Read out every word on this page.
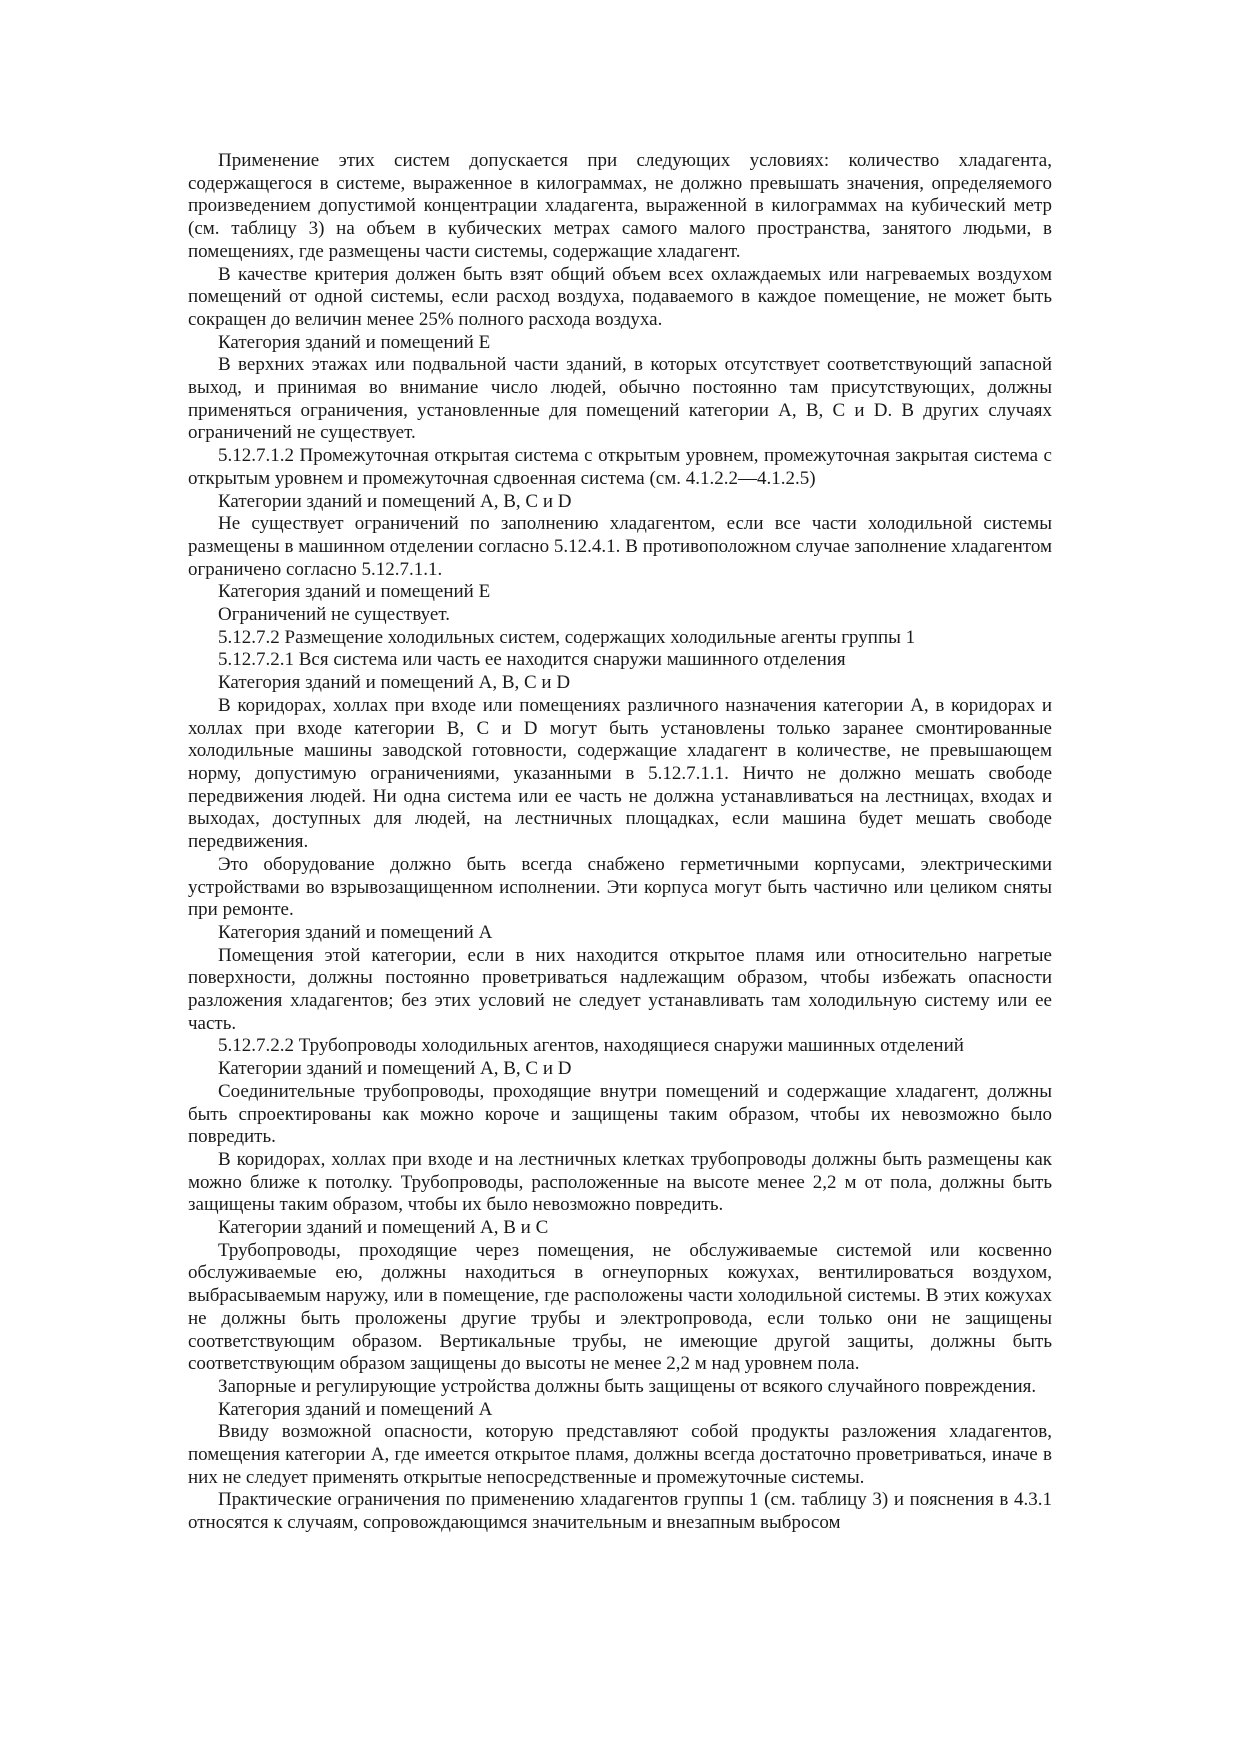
Применение этих систем допускается при следующих условиях: количество хладагента, содержащегося в системе, выраженное в килограммах, не должно превышать значения, определяемого произведением допустимой концентрации хладагента, выраженной в килограммах на кубический метр (см. таблицу 3) на объем в кубических метрах самого малого пространства, занятого людьми, в помещениях, где размещены части системы, содержащие хладагент.

В качестве критерия должен быть взят общий объем всех охлаждаемых или нагреваемых воздухом помещений от одной системы, если расход воздуха, подаваемого в каждое помещение, не может быть сокращен до величин менее 25% полного расхода воздуха.

Категория зданий и помещений Е

В верхних этажах или подвальной части зданий, в которых отсутствует соответствующий запасной выход, и принимая во внимание число людей, обычно постоянно там присутствующих, должны применяться ограничения, установленные для помещений категории А, В, С и D. В других случаях ограничений не существует.

5.12.7.1.2 Промежуточная открытая система с открытым уровнем, промежуточная закрытая система с открытым уровнем и промежуточная сдвоенная система (см. 4.1.2.2—4.1.2.5)

Категории зданий и помещений А, В, С и D

Не существует ограничений по заполнению хладагентом, если все части холодильной системы размещены в машинном отделении согласно 5.12.4.1. В противоположном случае заполнение хладагентом ограничено согласно 5.12.7.1.1.

Категория зданий и помещений Е

Ограничений не существует.

5.12.7.2 Размещение холодильных систем, содержащих холодильные агенты группы 1

5.12.7.2.1 Вся система или часть ее находится снаружи машинного отделения

Категория зданий и помещений А, В, С и D

В коридорах, холлах при входе или помещениях различного назначения категории А, в коридорах и холлах при входе категории В, С и D могут быть установлены только заранее смонтированные холодильные машины заводской готовности, содержащие хладагент в количестве, не превышающем норму, допустимую ограничениями, указанными в 5.12.7.1.1. Ничто не должно мешать свободе передвижения людей. Ни одна система или ее часть не должна устанавливаться на лестницах, входах и выходах, доступных для людей, на лестничных площадках, если машина будет мешать свободе передвижения.

Это оборудование должно быть всегда снабжено герметичными корпусами, электрическими устройствами во взрывозащищенном исполнении. Эти корпуса могут быть частично или целиком сняты при ремонте.

Категория зданий и помещений А

Помещения этой категории, если в них находится открытое пламя или относительно нагретые поверхности, должны постоянно проветриваться надлежащим образом, чтобы избежать опасности разложения хладагентов; без этих условий не следует устанавливать там холодильную систему или ее часть.

5.12.7.2.2 Трубопроводы холодильных агентов, находящиеся снаружи машинных отделений

Категории зданий и помещений А, В, С и D

Соединительные трубопроводы, проходящие внутри помещений и содержащие хладагент, должны быть спроектированы как можно короче и защищены таким образом, чтобы их невозможно было повредить.

В коридорах, холлах при входе и на лестничных клетках трубопроводы должны быть размещены как можно ближе к потолку. Трубопроводы, расположенные на высоте менее 2,2 м от пола, должны быть защищены таким образом, чтобы их было невозможно повредить.

Категории зданий и помещений А, В и С

Трубопроводы, проходящие через помещения, не обслуживаемые системой или косвенно обслуживаемые ею, должны находиться в огнеупорных кожухах, вентилироваться воздухом, выбрасываемым наружу, или в помещение, где расположены части холодильной системы. В этих кожухах не должны быть проложены другие трубы и электропровода, если только они не защищены соответствующим образом. Вертикальные трубы, не имеющие другой защиты, должны быть соответствующим образом защищены до высоты не менее 2,2 м над уровнем пола.

Запорные и регулирующие устройства должны быть защищены от всякого случайного повреждения.

Категория зданий и помещений А

Ввиду возможной опасности, которую представляют собой продукты разложения хладагентов, помещения категории А, где имеется открытое пламя, должны всегда достаточно проветриваться, иначе в них не следует применять открытые непосредственные и промежуточные системы.

Практические ограничения по применению хладагентов группы 1 (см. таблицу 3) и пояснения в 4.3.1 относятся к случаям, сопровождающимся значительным и внезапным выбросом
